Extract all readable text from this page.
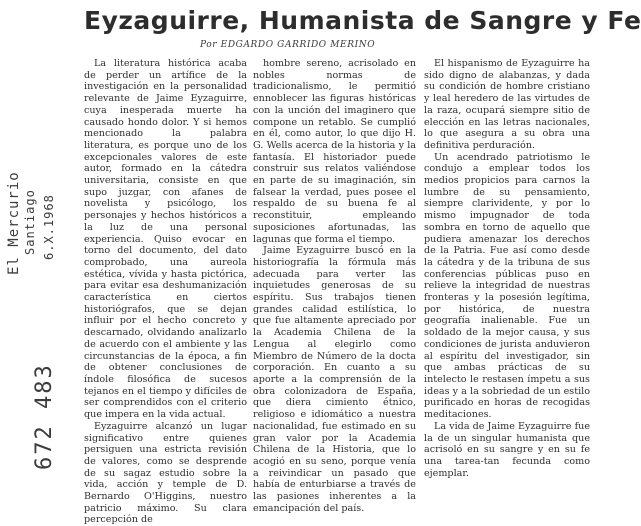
Eyzaguirre, Humanista de Sangre y Fe

Por EDGARDO GARRIDO MERINO

El Mercurio Santiago 6.X.1968
672 483

La literatura histórica acaba de perder un artífice de la investigación en la personalidad relevante de Jaime Eyzaguirre, cuya inesperada muerte ha causado hondo dolor. Y si hemos mencionado la palabra literatura, es porque uno de los excepcionales valores de este autor, formado en la cátedra universitaria, consiste en que supo juzgar, con afanes de novelista y psicólogo, los personajes y hechos históricos a la luz de una personal experiencia. Quiso evocar en torno del documento, del dato comprobado, una aureola estética, vívida y hasta pictórica, para evitar esa deshumanización característica en ciertos historiógrafos, que se dejan influir por el hecho concreto y descarnado, olvidando analizarlo de acuerdo con el ambiente y las circunstancias de la época, a fin de obtener conclusiones de índole filosófica de sucesos tejanos en el tiempo y difíciles de ser comprendidos con el criterio que impera en la vida actual.

Eyzaguirre alcanzó un lugar significativo entre quienes persiguen una estricta revisión de valores, como se desprende de su sagaz estudio sobre la vida, acción y temple de D. Bernardo O'Higgins, nuestro patricio máximo. Su clara percepción de

hombre sereno, acrisolado en nobles normas de tradicionalismo, le permitió ennoblecer las figuras históricas con la unción del imaginero que compone un retablo. Se cumplió en él, como autor, lo que dijo H. G. Wells acerca de la historia y la fantasía. El historiador puede construir sus relatos valiéndose en parte de su imaginación, sin falsear la verdad, pues posee el respaldo de su buena fe al reconstituir, empleando suposiciones afortunadas, las lagunas que forma el tiempo.

Jaime Eyzaguirre buscó en la historiografía la fórmula más adecuada para verter las inquietudes generosas de su espíritu. Sus trabajos tienen grandes calidad estilística, lo que fue altamente apreciado por la Academia Chilena de la Lengua al elegirlo como Miembro de Número de la docta corporación. En cuanto a su aporte a la comprensión de la obra colonizadora de España, que diera cimiento étnico, religioso e idiomático a nuestra nacionalidad, fue estimado en su gran valor por la Academia Chilena de la Historia, que lo acogió en su seno, porque venía a reivindicar un pasado que había de enturbiarse a través de las pasiones inherentes a la emancipación del país.

El hispanismo de Eyzaguirre ha sido digno de alabanzas, y dada su condición de hombre cristiano y leal heredero de las virtudes de la raza, ocupará siempre sitio de elección en las letras nacionales, lo que asegura a su obra una definitiva perduración.

Un acendrado patriotismo le condujo a emplear todos los medios propicios para carnos la lumbre de su pensamiento, siempre clarividente, y por lo mismo impugnador de toda sombra en torno de aquello que pudiera amenazar los derechos de la Patria. Fue así como desde la cátedra y de la tribuna de sus conferencias públicas puso en relieve la integridad de nuestras fronteras y la posesión legítima, por histórica, de nuestra geografía inalienable. Fue un soldado de la mejor causa, y sus condiciones de jurista anduvieron al espíritu del investigador, sin que ambas prácticas de su intelecto le restasen ímpetu a sus ideas y a la sobriedad de un estilo purificado en horas de recogidas meditaciones.

La vida de Jaime Eyzaguirre fue la de un singular humanista que acrisoló en su sangre y en su fe una tarea-tan fecunda como ejemplar.
